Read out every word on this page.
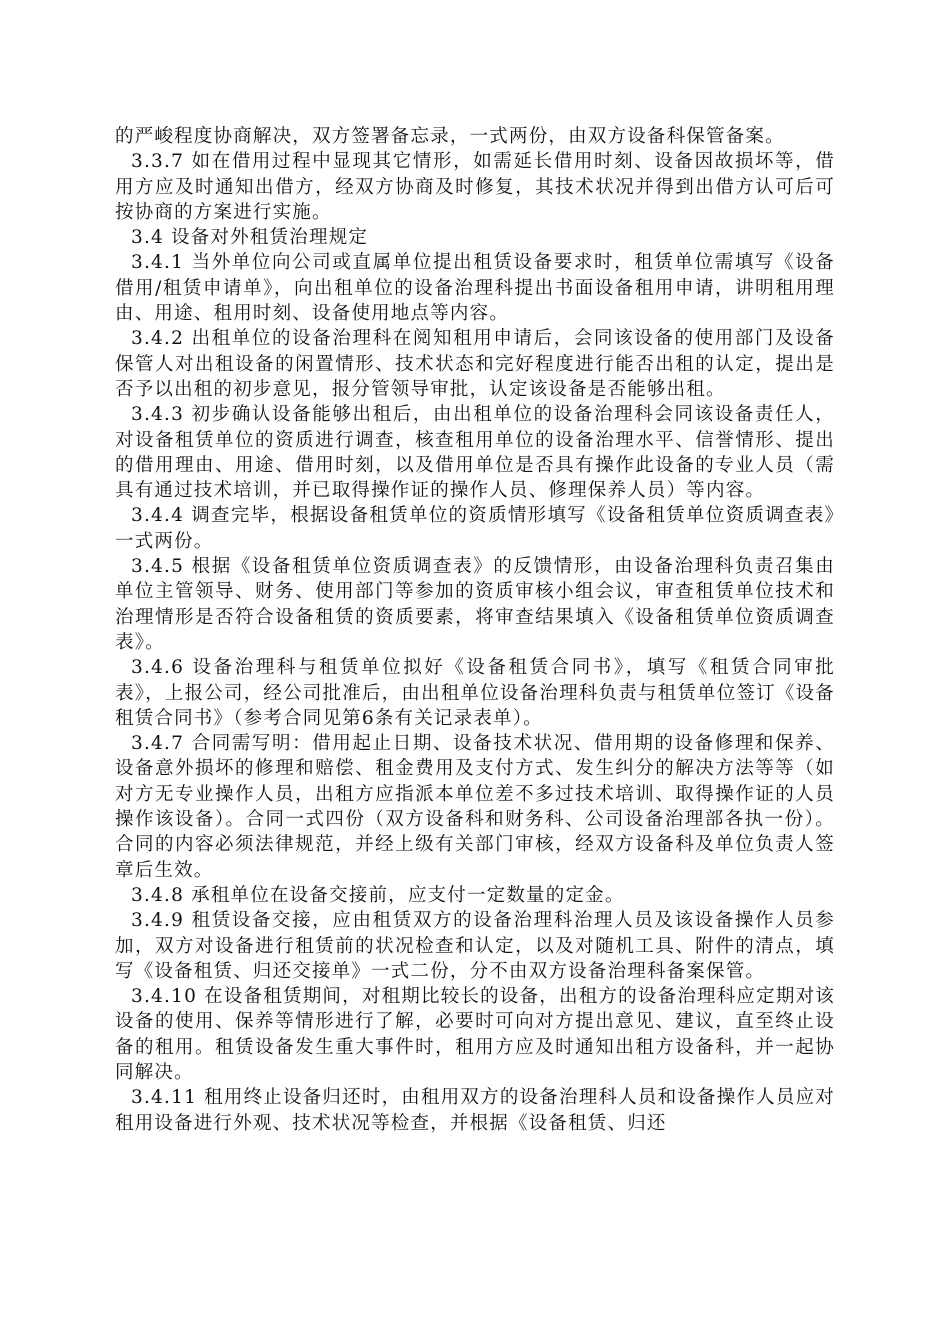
的严峻程度协商解决，双方签署备忘录，一式两份，由双方设备科保管备案。

3.3.7 如在借用过程中显现其它情形，如需延长借用时刻、设备因故损坏等，借用方应及时通知出借方，经双方协商及时修复，其技术状况并得到出借方认可后可按协商的方案进行实施。

3.4 设备对外租赁治理规定

3.4.1 当外单位向公司或直属单位提出租赁设备要求时，租赁单位需填写《设备借用/租赁申请单》，向出租单位的设备治理科提出书面设备租用申请，讲明租用理由、用途、租用时刻、设备使用地点等内容。

3.4.2 出租单位的设备治理科在阅知租用申请后，会同该设备的使用部门及设备保管人对出租设备的闲置情形、技术状态和完好程度进行能否出租的认定，提出是否予以出租的初步意见，报分管领导审批，认定该设备是否能够出租。

3.4.3 初步确认设备能够出租后，由出租单位的设备治理科会同该设备责任人，对设备租赁单位的资质进行调查，核查租用单位的设备治理水平、信誉情形、提出的借用理由、用途、借用时刻，以及借用单位是否具有操作此设备的专业人员（需具有通过技术培训，并已取得操作证的操作人员、修理保养人员）等内容。

3.4.4 调查完毕，根据设备租赁单位的资质情形填写《设备租赁单位资质调查表》一式两份。

3.4.5 根据《设备租赁单位资质调查表》的反馈情形，由设备治理科负责召集由单位主管领导、财务、使用部门等参加的资质审核小组会议，审查租赁单位技术和治理情形是否符合设备租赁的资质要素，将审查结果填入《设备租赁单位资质调查表》。

3.4.6 设备治理科与租赁单位拟好《设备租赁合同书》，填写《租赁合同审批表》，上报公司，经公司批准后，由出租单位设备治理科负责与租赁单位签订《设备租赁合同书》（参考合同见第6条有关记录表单）。

3.4.7 合同需写明：借用起止日期、设备技术状况、借用期的设备修理和保养、设备意外损坏的修理和赔偿、租金费用及支付方式、发生纠分的解决方法等等（如对方无专业操作人员，出租方应指派本单位差不多过技术培训、取得操作证的人员操作该设备）。合同一式四份（双方设备科和财务科、公司设备治理部各执一份）。合同的内容必须法律规范，并经上级有关部门审核，经双方设备科及单位负责人签章后生效。

3.4.8 承租单位在设备交接前，应支付一定数量的定金。

3.4.9 租赁设备交接，应由租赁双方的设备治理科治理人员及该设备操作人员参加，双方对设备进行租赁前的状况检查和认定，以及对随机工具、附件的清点，填写《设备租赁、归还交接单》一式二份，分不由双方设备治理科备案保管。

3.4.10 在设备租赁期间，对租期比较长的设备，出租方的设备治理科应定期对该设备的使用、保养等情形进行了解，必要时可向对方提出意见、建议，直至终止设备的租用。租赁设备发生重大事件时，租用方应及时通知出租方设备科，并一起协同解决。

3.4.11 租用终止设备归还时，由租用双方的设备治理科人员和设备操作人员应对租用设备进行外观、技术状况等检查，并根据《设备租赁、归还
